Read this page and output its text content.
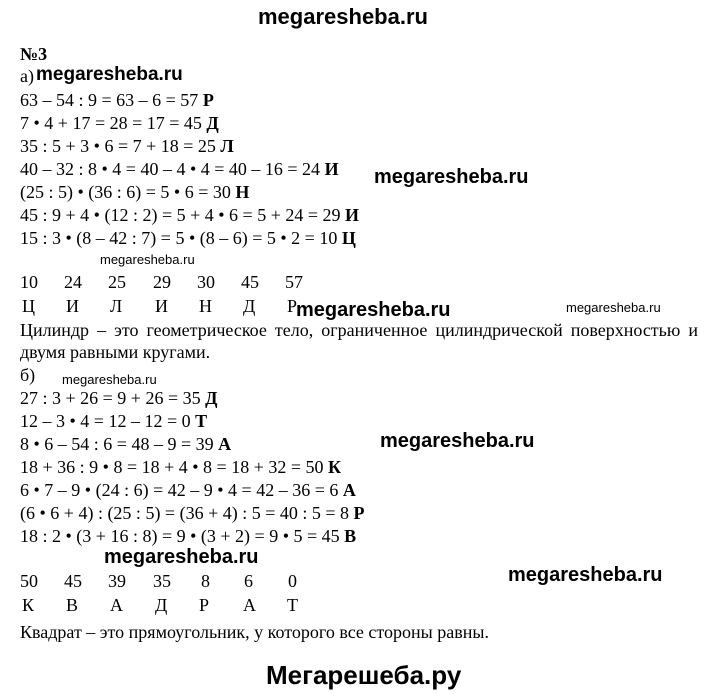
megaresheba.ru
№3
а) megaresheba.ru
63 – 54 : 9 = 63 – 6 = 57 Р
7 • 4 + 17 = 28 = 17 = 45 Д
35 : 5 + 3 • 6 = 7 + 18 = 25 Л
40 – 32 : 8 • 4 = 40 – 4 • 4 = 40 – 16 = 24 И
(25 : 5) • (36 : 6) = 5 • 6 = 30 Н
45 : 9 + 4 • (12 : 2) = 5 + 4 • 6 = 5 + 24 = 29 И
15 : 3 • (8 – 42 : 7) = 5 • (8 – 6) = 5 • 2 = 10 Ц
megaresheba.ru
megaresheba.ru
10 24 25 29 30 45 57
Ц И Л И Н Д Р
megaresheba.ru	megaresheba.ru
Цилиндр – это геометрическое тело, ограниченное цилиндрической поверхностью и двумя равными кругами.
б) megaresheba.ru
27 : 3 + 26 = 9 + 26 = 35 Д
12 – 3 • 4 = 12 – 12 = 0 Т
8 • 6 – 54 : 6 = 48 – 9 = 39 А
18 + 36 : 9 • 8 = 18 + 4 • 8 = 18 + 32 = 50 К
6 • 7 – 9 • (24 : 6) = 42 – 9 • 4 = 42 – 36 = 6 А
(6 • 6 + 4) : (25 : 5) = (36 + 4) : 5 = 40 : 5 = 8 Р
18 : 2 • (3 + 16 : 8) = 9 • (3 + 2) = 9 • 5 = 45 В
megaresheba.ru
megaresheba.ru
50 45 39 35 8 6 0
К В А Д Р А Т
megaresheba.ru
Квадрат – это прямоугольник, у которого все стороны равны.
Мегарешеба.ру
